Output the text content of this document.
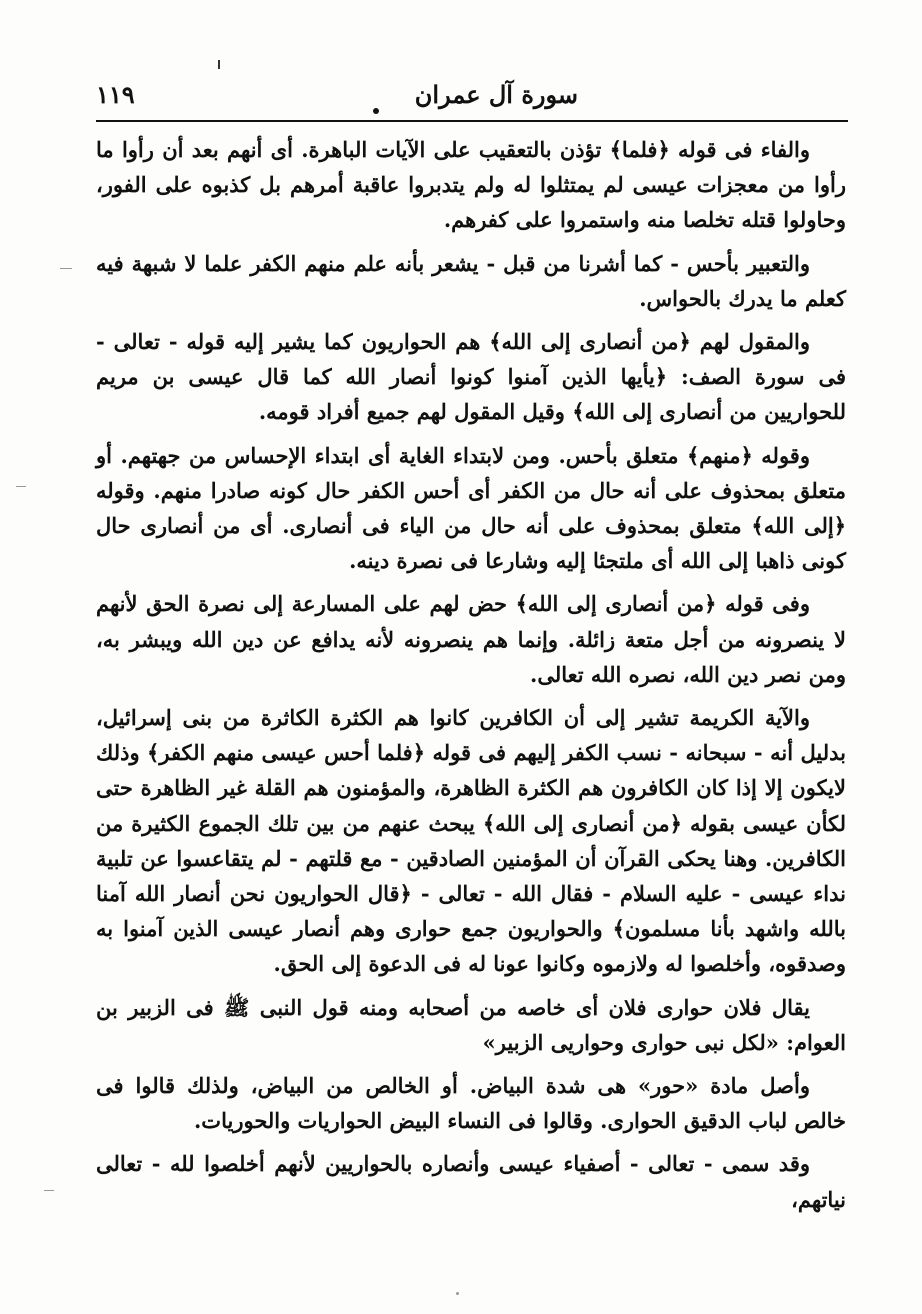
سورة آل عمران
١١٩

والفاء فى قوله ﴿فلما﴾ تؤذن بالتعقيب على الآيات الباهرة. أى أنهم بعد أن رأوا ما رأوا من معجزات عيسى لم يمتثلوا له ولم يتدبروا عاقبة أمرهم بل كذبوه على الفور، وحاولوا قتله تخلصا منه واستمروا على كفرهم.

والتعبير بأحس - كما أشرنا من قبل - يشعر بأنه علم منهم الكفر علما لا شبهة فيه كعلم ما يدرك بالحواس.

والمقول لهم ﴿من أنصارى إلى الله﴾ هم الحواريون كما يشير إليه قوله - تعالى - فى سورة الصف: ﴿يأيها الذين آمنوا كونوا أنصار الله كما قال عيسى بن مريم للحواريين من أنصارى إلى الله﴾ وقيل المقول لهم جميع أفراد قومه.

وقوله ﴿منهم﴾ متعلق بأحس. ومن لابتداء الغاية أى ابتداء الإحساس من جهتهم. أو متعلق بمحذوف على أنه حال من الكفر أى أحس الكفر حال كونه صادرا منهم. وقوله ﴿إلى الله﴾ متعلق بمحذوف على أنه حال من الياء فى أنصارى. أى من أنصارى حال كونى ذاهبا إلى الله أى ملتجئا إليه وشارعا فى نصرة دينه.

وفى قوله ﴿من أنصارى إلى الله﴾ حض لهم على المسارعة إلى نصرة الحق لأنهم لا ينصرونه من أجل متعة زائلة. وإنما هم ينصرونه لأنه يدافع عن دين الله ويبشر به، ومن نصر دين الله، نصره الله تعالى.

والآية الكريمة تشير إلى أن الكافرين كانوا هم الكثرة الكاثرة من بنى إسرائيل، بدليل أنه - سبحانه - نسب الكفر إليهم فى قوله ﴿فلما أحس عيسى منهم الكفر﴾ وذلك لايكون إلا إذا كان الكافرون هم الكثرة الظاهرة، والمؤمنون هم القلة غير الظاهرة حتى لكأن عيسى بقوله ﴿من أنصارى إلى الله﴾ يبحث عنهم من بين تلك الجموع الكثيرة من الكافرين. وهنا يحكى القرآن أن المؤمنين الصادقين - مع قلتهم - لم يتقاعسوا عن تلبية نداء عيسى - عليه السلام - فقال الله - تعالى - ﴿قال الحواريون نحن أنصار الله آمنا بالله واشهد بأنا مسلمون﴾ والحواريون جمع حوارى وهم أنصار عيسى الذين آمنوا به وصدقوه، وأخلصوا له ولازموه وكانوا عونا له فى الدعوة إلى الحق.

يقال فلان حوارى فلان أى خاصه من أصحابه ومنه قول النبى ﷺ فى الزبير بن العوام: «لكل نبى حوارى وحواريى الزبير»

وأصل مادة «حور» هى شدة البياض. أو الخالص من البياض، ولذلك قالوا فى خالص لباب الدقيق الحوارى. وقالوا فى النساء البيض الحواريات والحوريات.

وقد سمى - تعالى - أصفياء عيسى وأنصاره بالحواريين لأنهم أخلصوا لله - تعالى نياتهم،
